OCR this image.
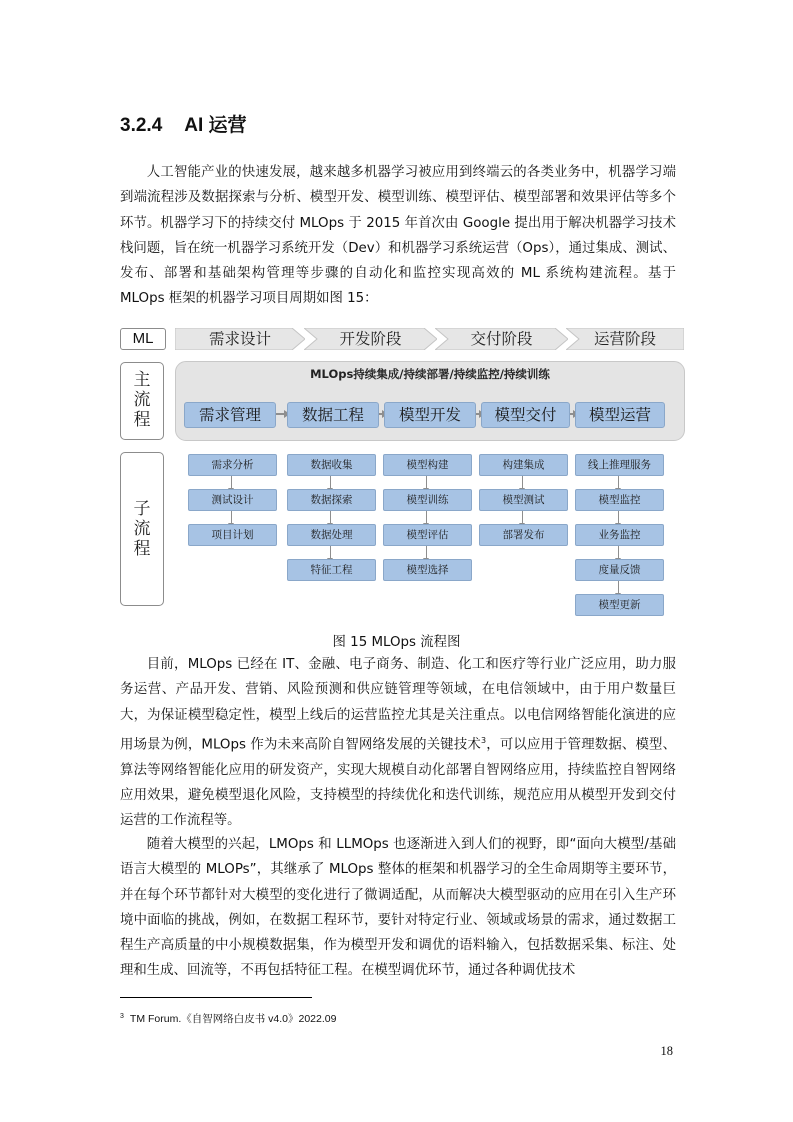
3.2.4 AI 运营

人工智能产业的快速发展，越来越多机器学习被应用到终端云的各类业务中，机器学习端到端流程涉及数据探索与分析、模型开发、模型训练、模型评估、模型部署和效果评估等多个环节。机器学习下的持续交付 MLOps 于 2015 年首次由 Google 提出用于解决机器学习技术栈问题，旨在统一机器学习系统开发（Dev）和机器学习系统运营（Ops），通过集成、测试、发布、部署和基础架构管理等步骤的自动化和监控实现高效的 ML 系统构建流程。基于 MLOps 框架的机器学习项目周期如图 15：

ML	需求设计	开发阶段	交付阶段	运营阶段
主
流
程
MLOps持续集成/持续部署/持续监控/持续训练
需求管理	数据工程	模型开发	模型交付	模型运营
子
流
程
需求分析
测试设计
项目计划
数据收集
数据探索
数据处理
特征工程
模型构建
模型训练
模型评估
模型选择
构建集成
模型测试
部署发布
线上推理服务
模型监控
业务监控
度量反馈
模型更新
图 15 MLOps 流程图

目前，MLOps 已经在 IT、金融、电子商务、制造、化工和医疗等行业广泛应用，助力服务运营、产品开发、营销、风险预测和供应链管理等领域，在电信领域中，由于用户数量巨大，为保证模型稳定性，模型上线后的运营监控尤其是关注重点。以电信网络智能化演进的应用场景为例，MLOps 作为未来高阶自智网络发展的关键技术$^3$，可以应用于管理数据、模型、算法等网络智能化应用的研发资产，实现大规模自动化部署自智网络应用，持续监控自智网络应用效果，避免模型退化风险，支持模型的持续优化和迭代训练，规范应用从模型开发到交付运营的工作流程等。

随着大模型的兴起，LMOps 和 LLMOps 也逐渐进入到人们的视野，即“面向大模型/基础语言大模型的 MLOPs”，其继承了 MLOps 整体的框架和机器学习的全生命周期等主要环节，并在每个环节都针对大模型的变化进行了微调适配，从而解决大模型驱动的应用在引入生产环境中面临的挑战，例如，在数据工程环节，要针对特定行业、领域或场景的需求，通过数据工程生产高质量的中小规模数据集，作为模型开发和调优的语料输入，包括数据采集、标注、处理和生成、回流等，不再包括特征工程。在模型调优环节，通过各种调优技术

$^3$ TM Forum.《自智网络白皮书 v4.0》2022.09
18
